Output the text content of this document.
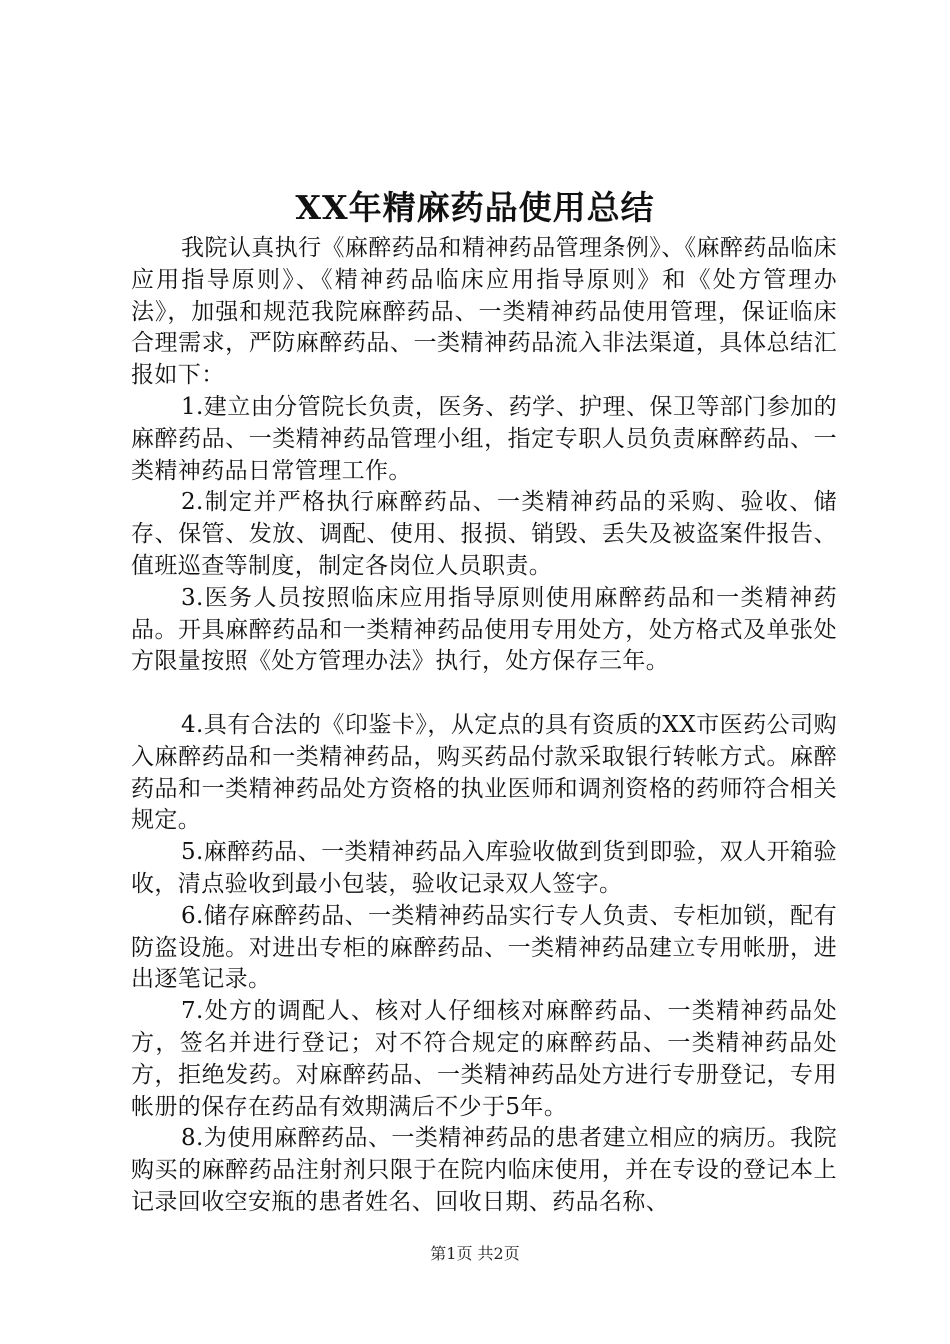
XX年精麻药品使用总结

我院认真执行《麻醉药品和精神药品管理条例》、《麻醉药品临床应用指导原则》、《精神药品临床应用指导原则》和《处方管理办法》，加强和规范我院麻醉药品、一类精神药品使用管理，保证临床合理需求，严防麻醉药品、一类精神药品流入非法渠道，具体总结汇报如下：

1.建立由分管院长负责，医务、药学、护理、保卫等部门参加的麻醉药品、一类精神药品管理小组，指定专职人员负责麻醉药品、一类精神药品日常管理工作。

2.制定并严格执行麻醉药品、一类精神药品的采购、验收、储存、保管、发放、调配、使用、报损、销毁、丢失及被盗案件报告、值班巡查等制度，制定各岗位人员职责。

3.医务人员按照临床应用指导原则使用麻醉药品和一类精神药品。开具麻醉药品和一类精神药品使用专用处方，处方格式及单张处方限量按照《处方管理办法》执行，处方保存三年。

4.具有合法的《印鉴卡》，从定点的具有资质的XX市医药公司购入麻醉药品和一类精神药品，购买药品付款采取银行转帐方式。麻醉药品和一类精神药品处方资格的执业医师和调剂资格的药师符合相关规定。

5.麻醉药品、一类精神药品入库验收做到货到即验，双人开箱验收，清点验收到最小包装，验收记录双人签字。

6.储存麻醉药品、一类精神药品实行专人负责、专柜加锁，配有防盗设施。对进出专柜的麻醉药品、一类精神药品建立专用帐册，进出逐笔记录。

7.处方的调配人、核对人仔细核对麻醉药品、一类精神药品处方，签名并进行登记；对不符合规定的麻醉药品、一类精神药品处方，拒绝发药。对麻醉药品、一类精神药品处方进行专册登记，专用帐册的保存在药品有效期满后不少于5年。

8.为使用麻醉药品、一类精神药品的患者建立相应的病历。我院购买的麻醉药品注射剂只限于在院内临床使用，并在专设的登记本上记录回收空安瓶的患者姓名、回收日期、药品名称、

第1页 共2页
